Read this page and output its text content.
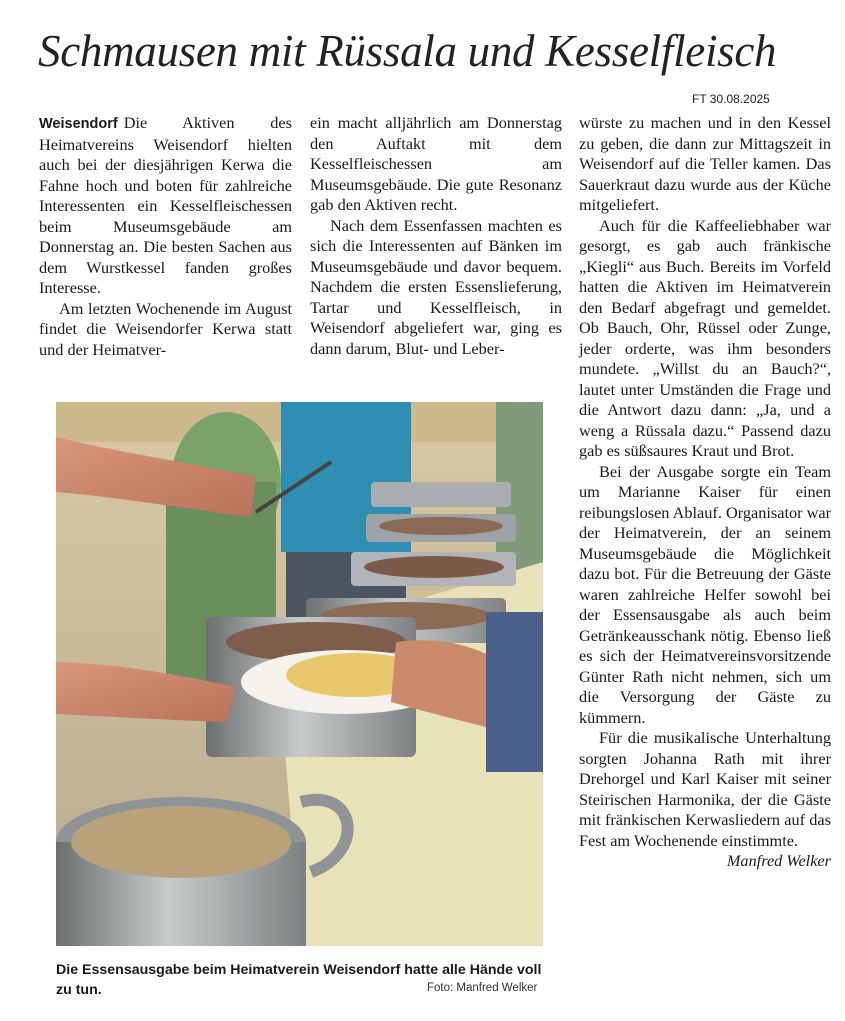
Schmausen mit Rüssala und Kesselfleisch
FT 30.08.2025

Weisendorf Die Aktiven des Heimatvereins Weisendorf hielten auch bei der diesjährigen Kerwa die Fahne hoch und boten für zahlreiche Interessenten ein Kesselfleischessen beim Museumsgebäude am Donnerstag an. Die besten Sachen aus dem Wurstkessel fanden großes Interesse.

Am letzten Wochenende im August findet die Weisendorfer Kerwa statt und der Heimatver-

ein macht alljährlich am Donnerstag den Auftakt mit dem Kesselfleischessen am Museumsgebäude. Die gute Resonanz gab den Aktiven recht.

Nach dem Essenfassen machten es sich die Interessenten auf Bänken im Museumsgebäude und davor bequem. Nachdem die ersten Essenslieferung, Tartar und Kesselfleisch, in Weisendorf abgeliefert war, ging es dann darum, Blut- und Leber-

würste zu machen und in den Kessel zu geben, die dann zur Mittagszeit in Weisendorf auf die Teller kamen. Das Sauerkraut dazu wurde aus der Küche mitgeliefert.

Auch für die Kaffeeliebhaber war gesorgt, es gab auch fränkische „Kiegli“ aus Buch. Bereits im Vorfeld hatten die Aktiven im Heimatverein den Bedarf abgefragt und gemeldet. Ob Bauch, Ohr, Rüssel oder Zunge, jeder orderte, was ihm besonders mundete. „Willst du an Bauch?“, lautet unter Umständen die Frage und die Antwort dazu dann: „Ja, und a weng a Rüssala dazu.“ Passend dazu gab es süßsaures Kraut und Brot.

Bei der Ausgabe sorgte ein Team um Marianne Kaiser für einen reibungslosen Ablauf. Organisator war der Heimatverein, der an seinem Museumsgebäude die Möglichkeit dazu bot. Für die Betreuung der Gäste waren zahlreiche Helfer sowohl bei der Essensausgabe als auch beim Getränkeausschank nötig. Ebenso ließ es sich der Heimatvereinsvorsitzende Günter Rath nicht nehmen, sich um die Versorgung der Gäste zu kümmern.

Für die musikalische Unterhaltung sorgten Johanna Rath mit ihrer Drehorgel und Karl Kaiser mit seiner Steirischen Harmonika, der die Gäste mit fränkischen Kerwasliedern auf das Fest am Wochenende einstimmte.
Manfred Welker

Die Essensausgabe beim Heimatverein Weisendorf hatte alle Hände voll zu tun.	Foto: Manfred Welker
